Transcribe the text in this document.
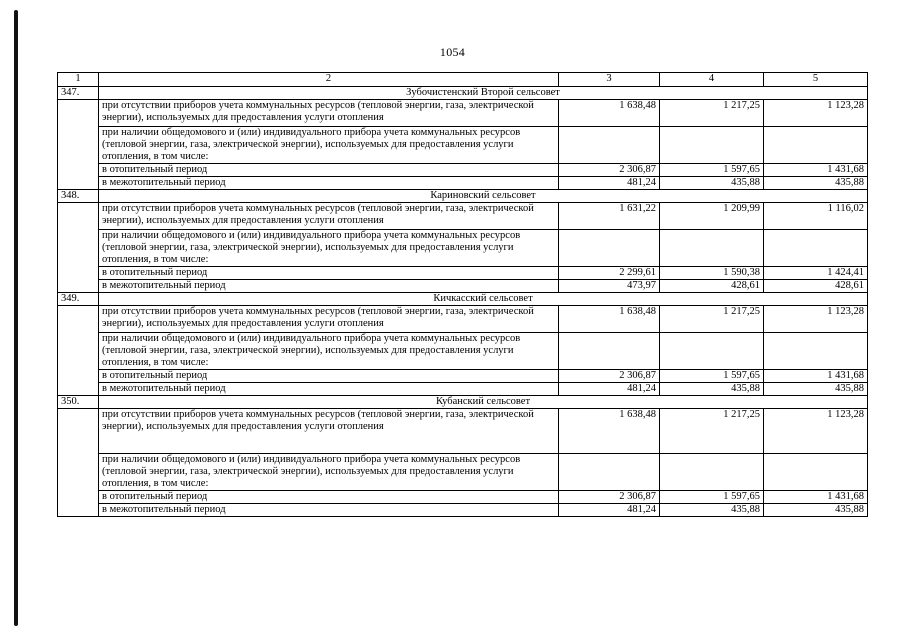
1054
1	2	3	4	5
347.	Зубочистенский Второй сельсовет			
	при отсутствии приборов учета коммунальных ресурсов (тепловой энергии, газа, электрической энергии), используемых для предоставления услуги отопления	1 638,48	1 217,25	1 123,28
	при наличии общедомового и (или) индивидуального прибора учета коммунальных ресурсов (тепловой энергии, газа, электрической энергии), используемых для предоставления услуги отопления, в том числе:			
	в отопительный период	2 306,87	1 597,65	1 431,68
	в межотопительный период	481,24	435,88	435,88
348.	Кариновский сельсовет			
	при отсутствии приборов учета коммунальных ресурсов (тепловой энергии, газа, электрической энергии), используемых для предоставления услуги отопления	1 631,22	1 209,99	1 116,02
	при наличии общедомового и (или) индивидуального прибора учета коммунальных ресурсов (тепловой энергии, газа, электрической энергии), используемых для предоставления услуги отопления, в том числе:			
	в отопительный период	2 299,61	1 590,38	1 424,41
	в межотопительный период	473,97	428,61	428,61
349.	Кичкасский сельсовет			
	при отсутствии приборов учета коммунальных ресурсов (тепловой энергии, газа, электрической энергии), используемых для предоставления услуги отопления	1 638,48	1 217,25	1 123,28
	при наличии общедомового и (или) индивидуального прибора учета коммунальных ресурсов (тепловой энергии, газа, электрической энергии), используемых для предоставления услуги отопления, в том числе:			
	в отопительный период	2 306,87	1 597,65	1 431,68
	в межотопительный период	481,24	435,88	435,88
350.	Кубанский сельсовет			
	при отсутствии приборов учета коммунальных ресурсов (тепловой энергии, газа, электрической энергии), используемых для предоставления услуги отопления	1 638,48	1 217,25	1 123,28
	при наличии общедомового и (или) индивидуального прибора учета коммунальных ресурсов (тепловой энергии, газа, электрической энергии), используемых для предоставления услуги отопления, в том числе:			
	в отопительный период	2 306,87	1 597,65	1 431,68
	в межотопительный период	481,24	435,88	435,88
